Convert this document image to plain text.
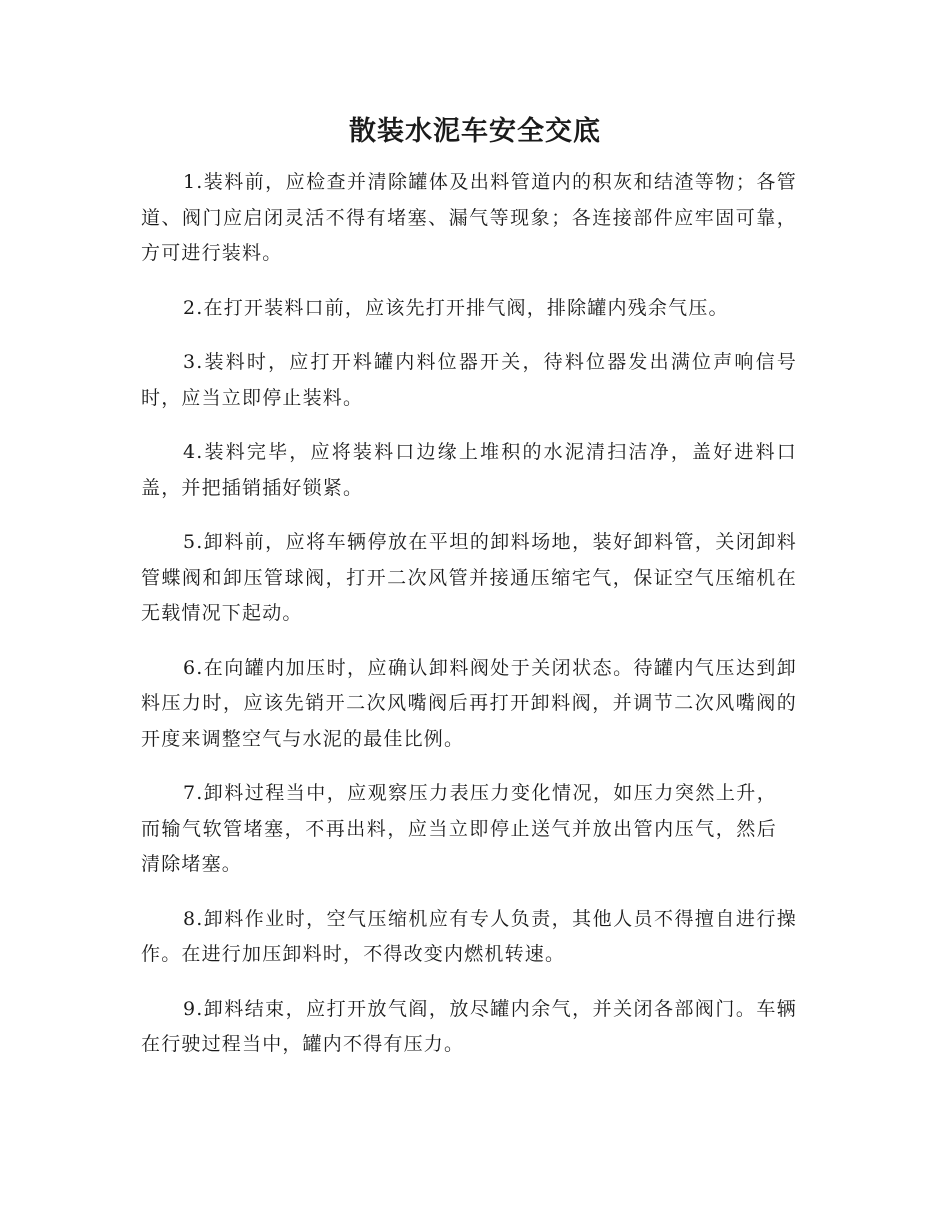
散装水泥车安全交底

1.装料前，应检查并清除罐体及出料管道内的积灰和结渣等物；各管道、阀门应启闭灵活不得有堵塞、漏气等现象；各连接部件应牢固可靠，方可进行装料。

2.在打开装料口前，应该先打开排气阀，排除罐内残余气压。

3.装料时，应打开料罐内料位器开关，待料位器发出满位声响信号时，应当立即停止装料。

4.装料完毕，应将装料口边缘上堆积的水泥清扫洁净，盖好进料口盖，并把插销插好锁紧。

5.卸料前，应将车辆停放在平坦的卸料场地，装好卸料管，关闭卸料管蝶阀和卸压管球阀，打开二次风管并接通压缩宅气，保证空气压缩机在无载情况下起动。

6.在向罐内加压时，应确认卸料阀处于关闭状态。待罐内气压达到卸料压力时，应该先销开二次风嘴阀后再打开卸料阀，并调节二次风嘴阀的开度来调整空气与水泥的最佳比例。

7.卸料过程当中，应观察压力表压力变化情况，如压力突然上升，而输气软管堵塞，不再出料，应当立即停止送气并放出管内压气，然后清除堵塞。

8.卸料作业时，空气压缩机应有专人负责，其他人员不得擅自进行操作。在进行加压卸料时，不得改变内燃机转速。

9.卸料结束，应打开放气阎，放尽罐内余气，并关闭各部阀门。车辆在行驶过程当中，罐内不得有压力。
